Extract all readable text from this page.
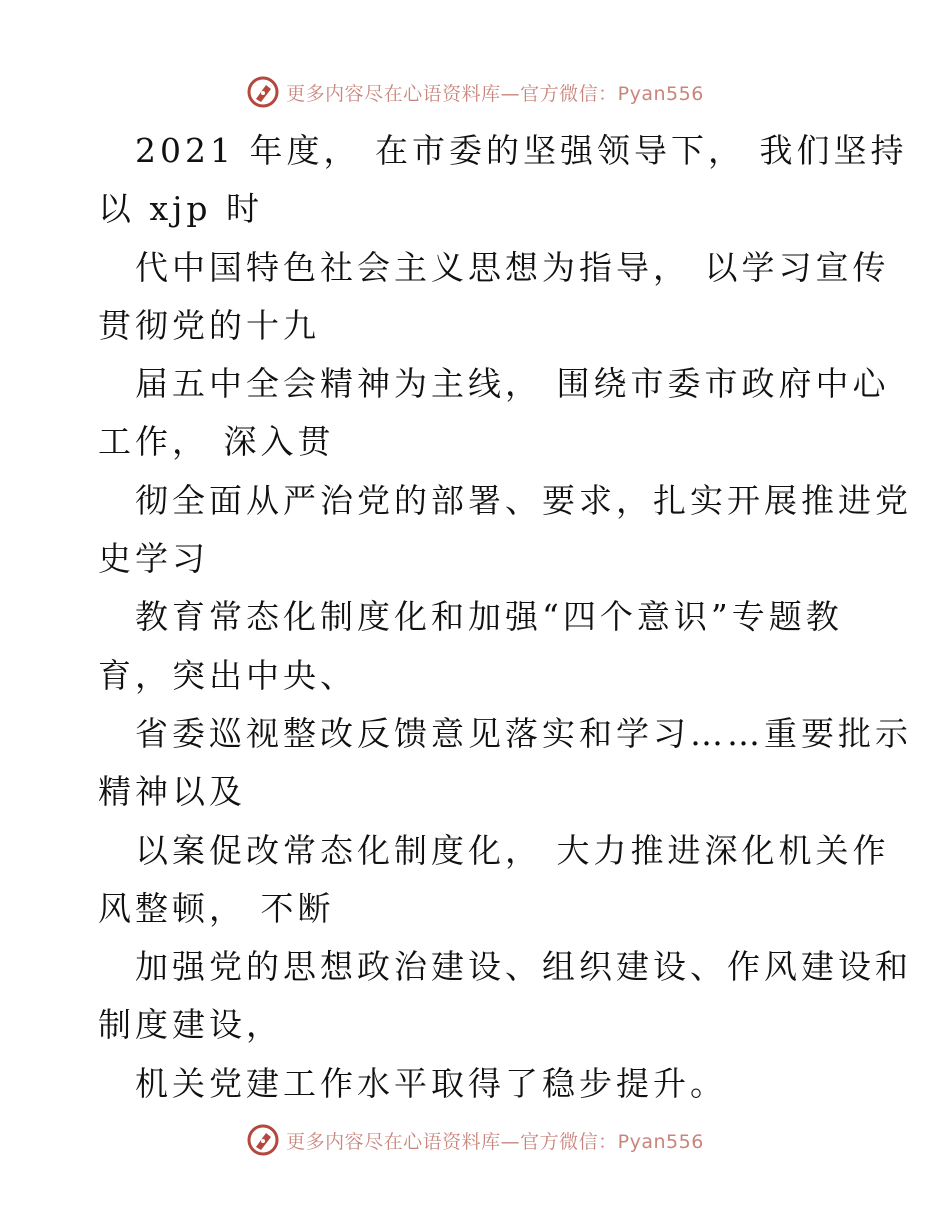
更多内容尽在心语资料库—官方微信：Pyan556
2021 年度， 在市委的坚强领导下， 我们坚持
以 xjp 时
代中国特色社会主义思想为指导， 以学习宣传
贯彻党的十九
届五中全会精神为主线， 围绕市委市政府中心
工作， 深入贯
彻全面从严治党的部署、要求，扎实开展推进党
史学习
教育常态化制度化和加强“四个意识”专题教
育，突出中央、
省委巡视整改反馈意见落实和学习……重要批示
精神以及
以案促改常态化制度化， 大力推进深化机关作
风整顿， 不断
加强党的思想政治建设、组织建设、作风建设和
制度建设，
机关党建工作水平取得了稳步提升。
更多内容尽在心语资料库—官方微信：Pyan556
